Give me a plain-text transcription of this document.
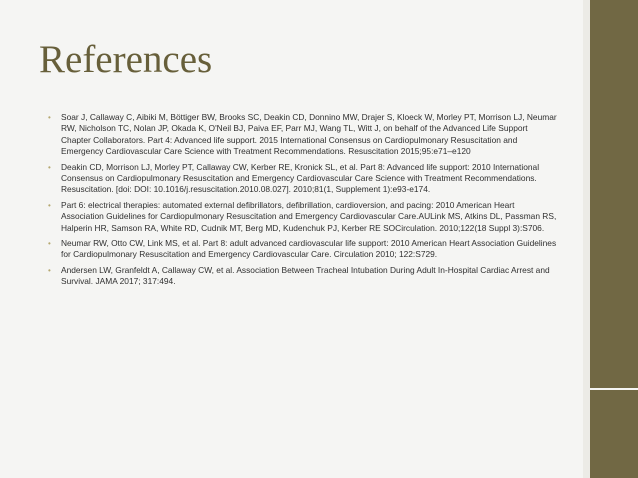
References
• Soar J, Callaway C, Aibiki M, Böttiger BW, Brooks SC, Deakin CD, Donnino MW, Drajer S, Kloeck W, Morley PT, Morrison LJ, Neumar RW, Nicholson TC, Nolan JP, Okada K, O'Neil BJ, Paiva EF, Parr MJ, Wang TL, Witt J, on behalf of the Advanced Life Support Chapter Collaborators. Part 4: Advanced life support. 2015 International Consensus on Cardiopulmonary Resuscitation and Emergency Cardiovascular Care Science with Treatment Recommendations. Resuscitation 2015;95:e71–e120
• Deakin CD, Morrison LJ, Morley PT, Callaway CW, Kerber RE, Kronick SL, et al. Part 8: Advanced life support: 2010 International Consensus on Cardiopulmonary Resuscitation and Emergency Cardiovascular Care Science with Treatment Recommendations. Resuscitation. [doi: DOI: 10.1016/j.resuscitation.2010.08.027]. 2010;81(1, Supplement 1):e93-e174.
• Part 6: electrical therapies: automated external defibrillators, defibrillation, cardioversion, and pacing: 2010 American Heart Association Guidelines for Cardiopulmonary Resuscitation and Emergency Cardiovascular Care.AULink MS, Atkins DL, Passman RS, Halperin HR, Samson RA, White RD, Cudnik MT, Berg MD, Kudenchuk PJ, Kerber RE SOCirculation. 2010;122(18 Suppl 3):S706.
• Neumar RW, Otto CW, Link MS, et al. Part 8: adult advanced cardiovascular life support: 2010 American Heart Association Guidelines for Cardiopulmonary Resuscitation and Emergency Cardiovascular Care. Circulation 2010; 122:S729.
• Andersen LW, Granfeldt A, Callaway CW, et al. Association Between Tracheal Intubation During Adult In-Hospital Cardiac Arrest and Survival. JAMA 2017; 317:494.
